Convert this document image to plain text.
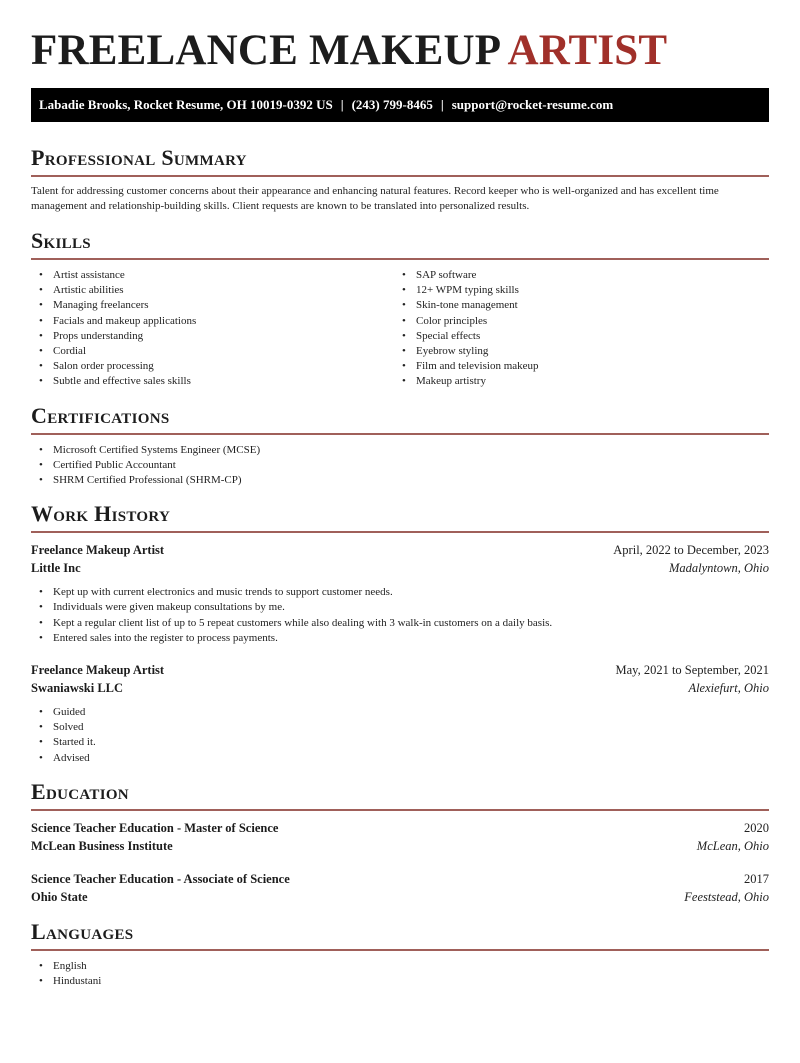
FREELANCE MAKEUP ARTIST
Labadie Brooks, Rocket Resume, OH 10019-0392 US | (243) 799-8465 | support@rocket-resume.com
Professional Summary

Talent for addressing customer concerns about their appearance and enhancing natural features. Record keeper who is well-organized and has excellent time management and relationship-building skills. Client requests are known to be translated into personalized results.

Skills
• Artist assistance
• Artistic abilities
• Managing freelancers
• Facials and makeup applications
• Props understanding
• Cordial
• Salon order processing
• Subtle and effective sales skills
• SAP software
• 12+ WPM typing skills
• Skin-tone management
• Color principles
• Special effects
• Eyebrow styling
• Film and television makeup
• Makeup artistry
Certifications
• Microsoft Certified Systems Engineer (MCSE)
• Certified Public Accountant
• SHRM Certified Professional (SHRM-CP)
Work History
Freelance Makeup Artist	April, 2022 to December, 2023
Little Inc	Madalyntown, Ohio
• Kept up with current electronics and music trends to support customer needs.
• Individuals were given makeup consultations by me.
• Kept a regular client list of up to 5 repeat customers while also dealing with 3 walk-in customers on a daily basis.
• Entered sales into the register to process payments.
Freelance Makeup Artist	May, 2021 to September, 2021
Swaniawski LLC	Alexiefurt, Ohio
• Guided
• Solved
• Started it.
• Advised
Education
Science Teacher Education - Master of Science	2020
McLean Business Institute	McLean, Ohio
Science Teacher Education - Associate of Science	2017
Ohio State	Feeststead, Ohio
Languages
• English
• Hindustani
